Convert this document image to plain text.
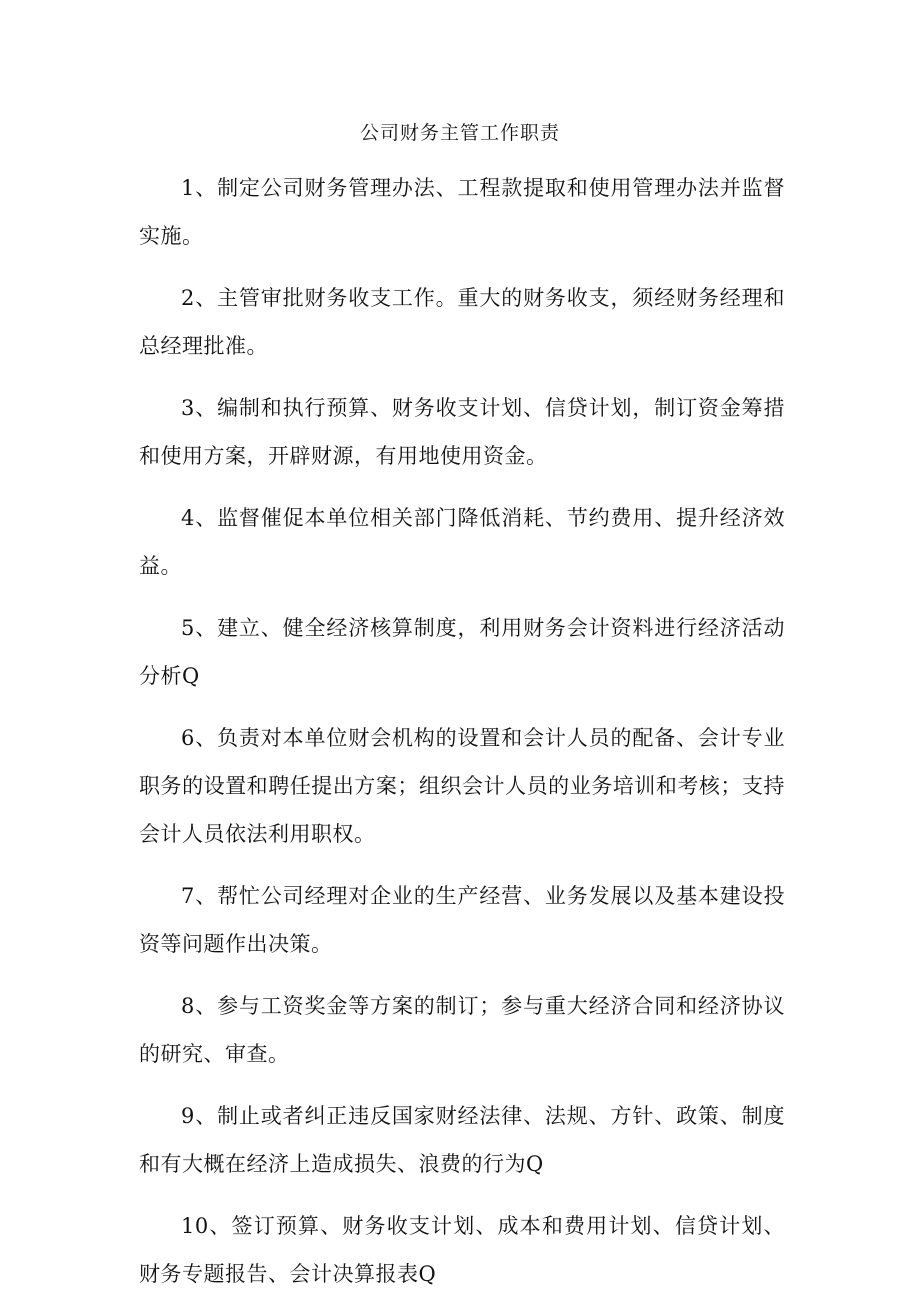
公司财务主管工作职责

1、制定公司财务管理办法、工程款提取和使用管理办法并监督实施。

2、主管审批财务收支工作。重大的财务收支，须经财务经理和总经理批准。

3、编制和执行预算、财务收支计划、信贷计划，制订资金筹措和使用方案，开辟财源，有用地使用资金。

4、监督催促本单位相关部门降低消耗、节约费用、提升经济效益。

5、建立、健全经济核算制度，利用财务会计资料进行经济活动分析Q

6、负责对本单位财会机构的设置和会计人员的配备、会计专业职务的设置和聘任提出方案；组织会计人员的业务培训和考核；支持会计人员依法利用职权。

7、帮忙公司经理对企业的生产经营、业务发展以及基本建设投资等问题作出决策。

8、参与工资奖金等方案的制订；参与重大经济合同和经济协议的研究、审查。

9、制止或者纠正违反国家财经法律、法规、方针、政策、制度和有大概在经济上造成损失、浪费的行为Q

10、签订预算、财务收支计划、成本和费用计划、信贷计划、财务专题报告、会计决算报表Q
